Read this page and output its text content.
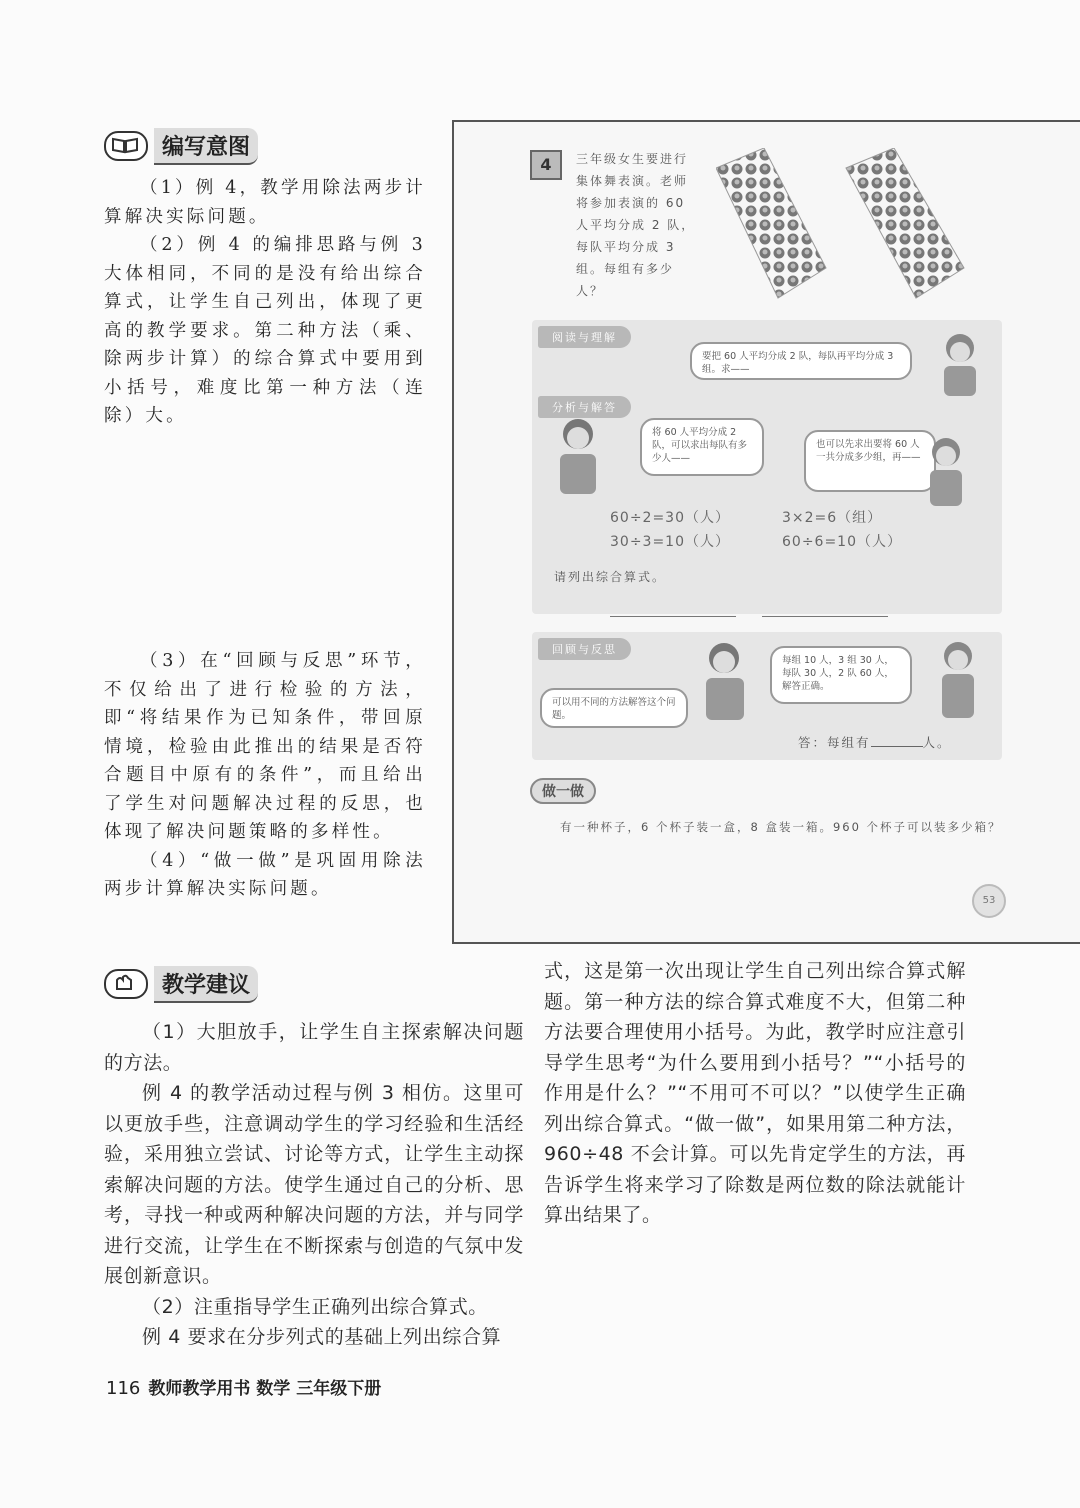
编写意图

（1）例 4，教学用除法两步计算解决实际问题。

（2）例 4 的编排思路与例 3 大体相同，不同的是没有给出综合算式，让学生自己列出，体现了更高的教学要求。第二种方法（乘、除两步计算）的综合算式中要用到小括号，难度比第一种方法（连除）大。

（3）在“回顾与反思”环节，不仅给出了进行检验的方法，即“将结果作为已知条件，带回原情境，检验由此推出的结果是否符合题目中原有的条件”，而且给出了学生对问题解决过程的反思，也体现了解决问题策略的多样性。

（4）“做一做”是巩固用除法两步计算解决实际问题。

4	三年级女生要进行集体舞表演。老师将参加表演的 60 人平均分成 2 队，每队平均分成 3 组。每组有多少人？
阅读与理解
要把 60 人平均分成 2 队，每队再平均分成 3 组。求——
分析与解答
将 60 人平均分成 2 队，可以求出每队有多少人——
也可以先求出要将 60 人一共分成多少组，再——
60÷2=30（人）
30÷3=10（人）
3×2=6（组）
60÷6=10（人）
请列出综合算式。
回顾与反思
可以用不同的方法解答这个问题。
每组 10 人，3 组 30 人，每队 30 人，2 队 60 人，解答正确。
答：每组有	人。
做一做
有一种杯子，6 个杯子装一盒，8 盒装一箱。960 个杯子可以装多少箱？
53
教学建议

（1）大胆放手，让学生自主探索解决问题的方法。

例 4 的教学活动过程与例 3 相仿。这里可以更放手些，注意调动学生的学习经验和生活经验，采用独立尝试、讨论等方式，让学生主动探索解决问题的方法。使学生通过自己的分析、思考，寻找一种或两种解决问题的方法，并与同学进行交流，让学生在不断探索与创造的气氛中发展创新意识。

（2）注重指导学生正确列出综合算式。

例 4 要求在分步列式的基础上列出综合算

式，这是第一次出现让学生自己列出综合算式解题。第一种方法的综合算式难度不大，但第二种方法要合理使用小括号。为此，教学时应注意引导学生思考“为什么要用到小括号？”“小括号的作用是什么？”“不用可不可以？”以使学生正确列出综合算式。“做一做”，如果用第二种方法，960÷48 不会计算。可以先肯定学生的方法，再告诉学生将来学习了除数是两位数的除法就能计算出结果了。

116 教师教学用书 数学 三年级下册
